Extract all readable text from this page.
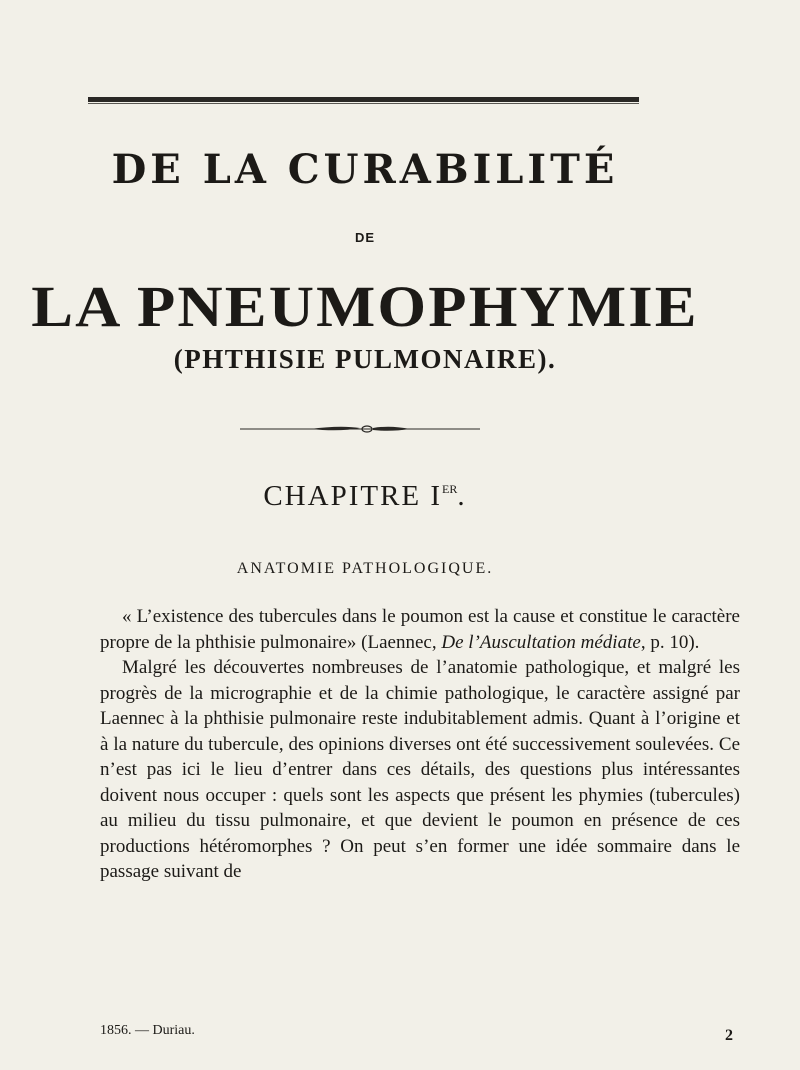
DE LA CURABILITÉ
DE
LA PNEUMOPHYMIE
(PHTHISIE PULMONAIRE).
CHAPITRE IER.
ANATOMIE PATHOLOGIQUE.

« L’existence des tubercules dans le poumon est la cause et constitue le caractère propre de la phthisie pulmonaire» (Laennec, De l’Auscultation médiate, p. 10).

Malgré les découvertes nombreuses de l’anatomie pathologique, et malgré les progrès de la micrographie et de la chimie pathologique, le caractère assigné par Laennec à la phthisie pulmonaire reste indubitablement admis. Quant à l’origine et à la nature du tubercule, des opinions diverses ont été successivement soulevées. Ce n’est pas ici le lieu d’entrer dans ces détails, des questions plus intéressantes doivent nous occuper : quels sont les aspects que présent les phymies (tubercules) au milieu du tissu pulmonaire, et que devient le poumon en présence de ces productions hétéromorphes ? On peut s’en former une idée sommaire dans le passage suivant de

1856. — Duriau.	2
